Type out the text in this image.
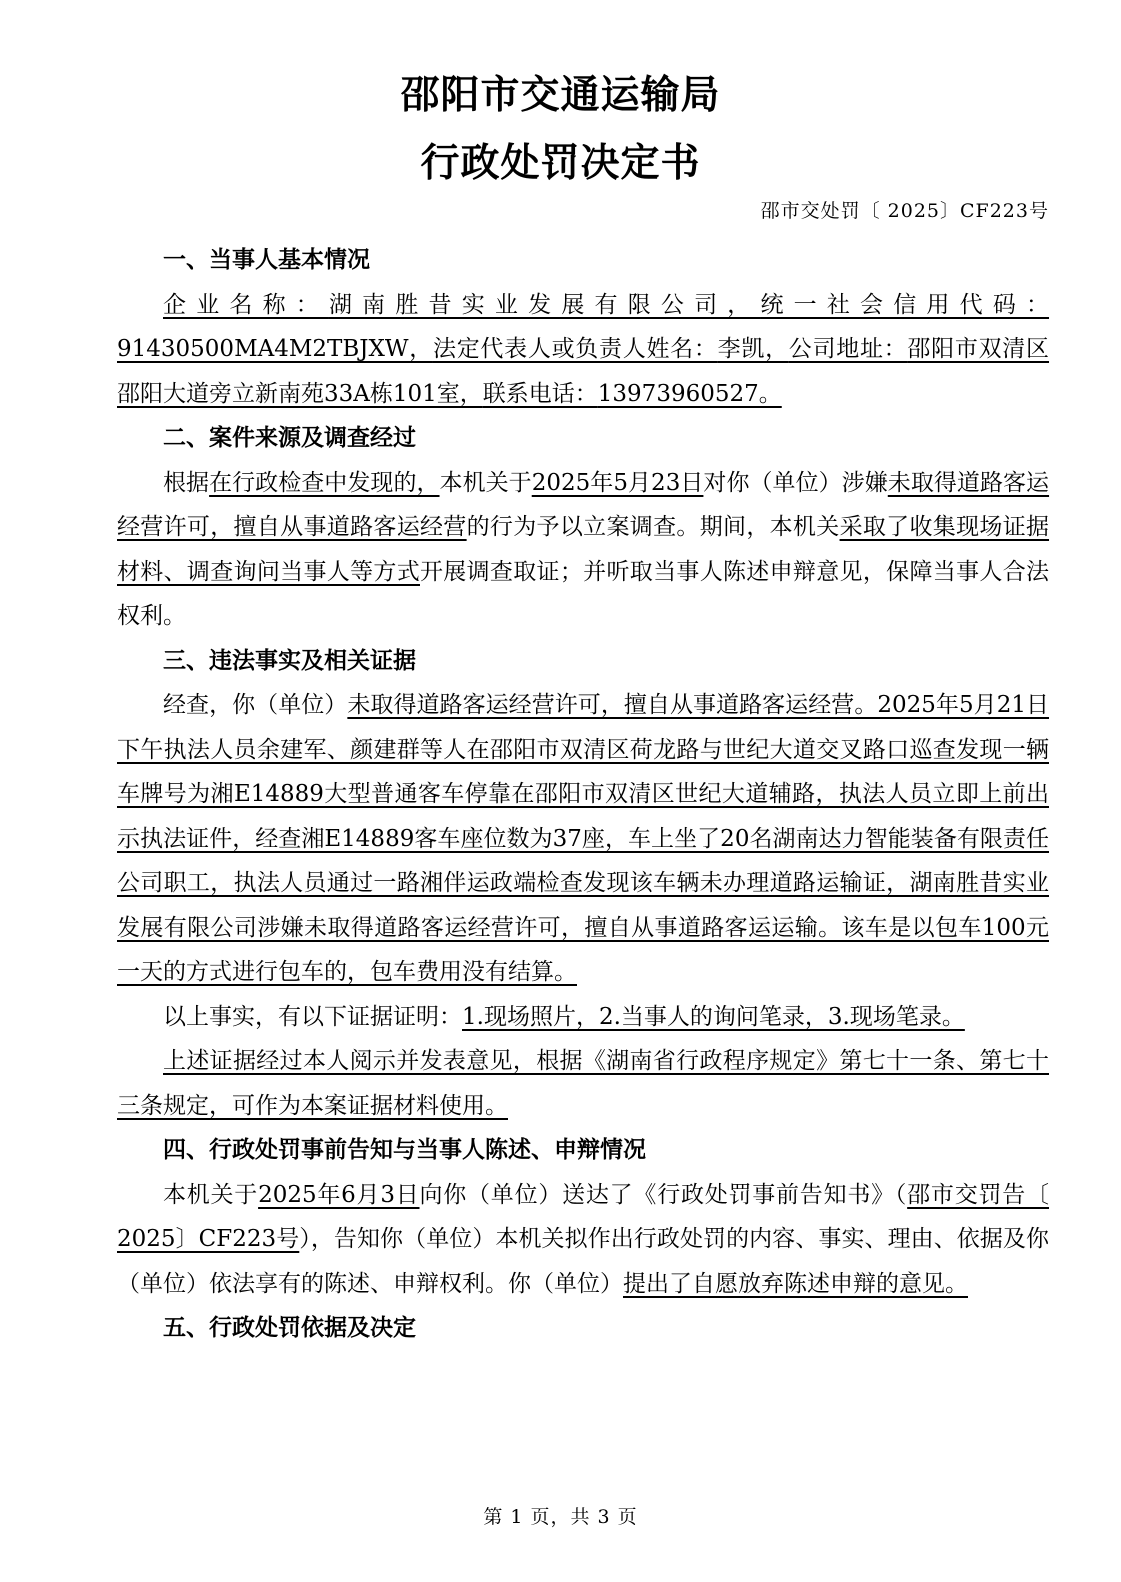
邵阳市交通运输局
行政处罚决定书

邵市交处罚〔 2025〕CF223号

一、当事人基本情况

企业名称：湖南胜昔实业发展有限公司，统一社会信用代码：91430500MA4M2TBJXW，法定代表人或负责人姓名：李凯，公司地址：邵阳市双清区邵阳大道旁立新南苑33A栋101室，联系电话：13973960527。

二、案件来源及调查经过

根据在行政检查中发现的，本机关于2025年5月23日对你（单位）涉嫌未取得道路客运经营许可，擅自从事道路客运经营的行为予以立案调查。期间，本机关采取了收集现场证据材料、调查询问当事人等方式开展调查取证；并听取当事人陈述申辩意见，保障当事人合法权利。

三、违法事实及相关证据

经查，你（单位）未取得道路客运经营许可，擅自从事道路客运经营。2025年5月21日下午执法人员余建军、颜建群等人在邵阳市双清区荷龙路与世纪大道交叉路口巡查发现一辆车牌号为湘E14889大型普通客车停靠在邵阳市双清区世纪大道辅路，执法人员立即上前出示执法证件，经查湘E14889客车座位数为37座，车上坐了20名湖南达力智能装备有限责任公司职工，执法人员通过一路湘伴运政端检查发现该车辆未办理道路运输证，湖南胜昔实业发展有限公司涉嫌未取得道路客运经营许可，擅自从事道路客运运输。该车是以包车100元一天的方式进行包车的，包车费用没有结算。

以上事实，有以下证据证明：1.现场照片，2.当事人的询问笔录，3.现场笔录。

上述证据经过本人阅示并发表意见，根据《湖南省行政程序规定》第七十一条、第七十三条规定，可作为本案证据材料使用。

四、行政处罚事前告知与当事人陈述、申辩情况

本机关于2025年6月3日向你（单位）送达了《行政处罚事前告知书》（邵市交罚告〔 2025〕CF223号），告知你（单位）本机关拟作出行政处罚的内容、事实、理由、依据及你（单位）依法享有的陈述、申辩权利。你（单位）提出了自愿放弃陈述申辩的意见。

五、行政处罚依据及决定

第 1 页，共 3 页
